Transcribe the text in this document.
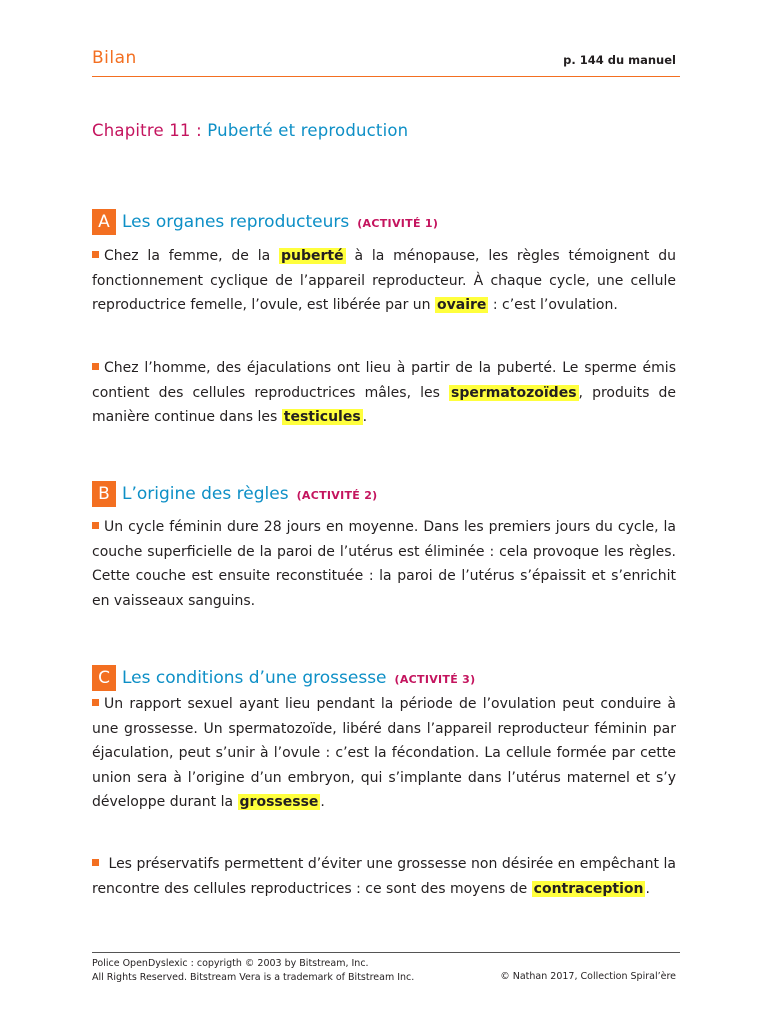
Bilan	p. 144 du manuel
Chapitre 11 : Puberté et reproduction
A Les organes reproducteurs (ACTIVITÉ 1)
Chez la femme, de la puberté à la ménopause, les règles témoignent du fonctionnement cyclique de l’appareil reproducteur. À chaque cycle, une cellule reproductrice femelle, l’ovule, est libérée par un ovaire : c’est l’ovulation.
Chez l’homme, des éjaculations ont lieu à partir de la puberté. Le sperme émis contient des cellules reproductrices mâles, les spermatozoïdes , produits de manière continue dans les testicules .
B L’origine des règles (ACTIVITÉ 2)
Un cycle féminin dure 28 jours en moyenne. Dans les premiers jours du cycle, la couche superficielle de la paroi de l’utérus est éliminée : cela provoque les règles. Cette couche est ensuite reconstituée : la paroi de l’utérus s’épaissit et s’enrichit en vaisseaux sanguins.
C Les conditions d’une grossesse (ACTIVITÉ 3)
Un rapport sexuel ayant lieu pendant la période de l’ovulation peut conduire à une grossesse. Un spermatozoïde, libéré dans l’appareil reproducteur féminin par éjaculation, peut s’unir à l’ovule : c’est la fécondation. La cellule formée par cette union sera à l’origine d’un embryon, qui s’implante dans l’utérus maternel et s’y développe durant la grossesse .
Les préservatifs permettent d’éviter une grossesse non désirée en empêchant la rencontre des cellules reproductrices : ce sont des moyens de contraception .
Police OpenDyslexic : copyrigth © 2003 by Bitstream, Inc.
All Rights Reserved. Bitstream Vera is a trademark of Bitstream Inc.	© Nathan 2017, Collection Spiral’ère
